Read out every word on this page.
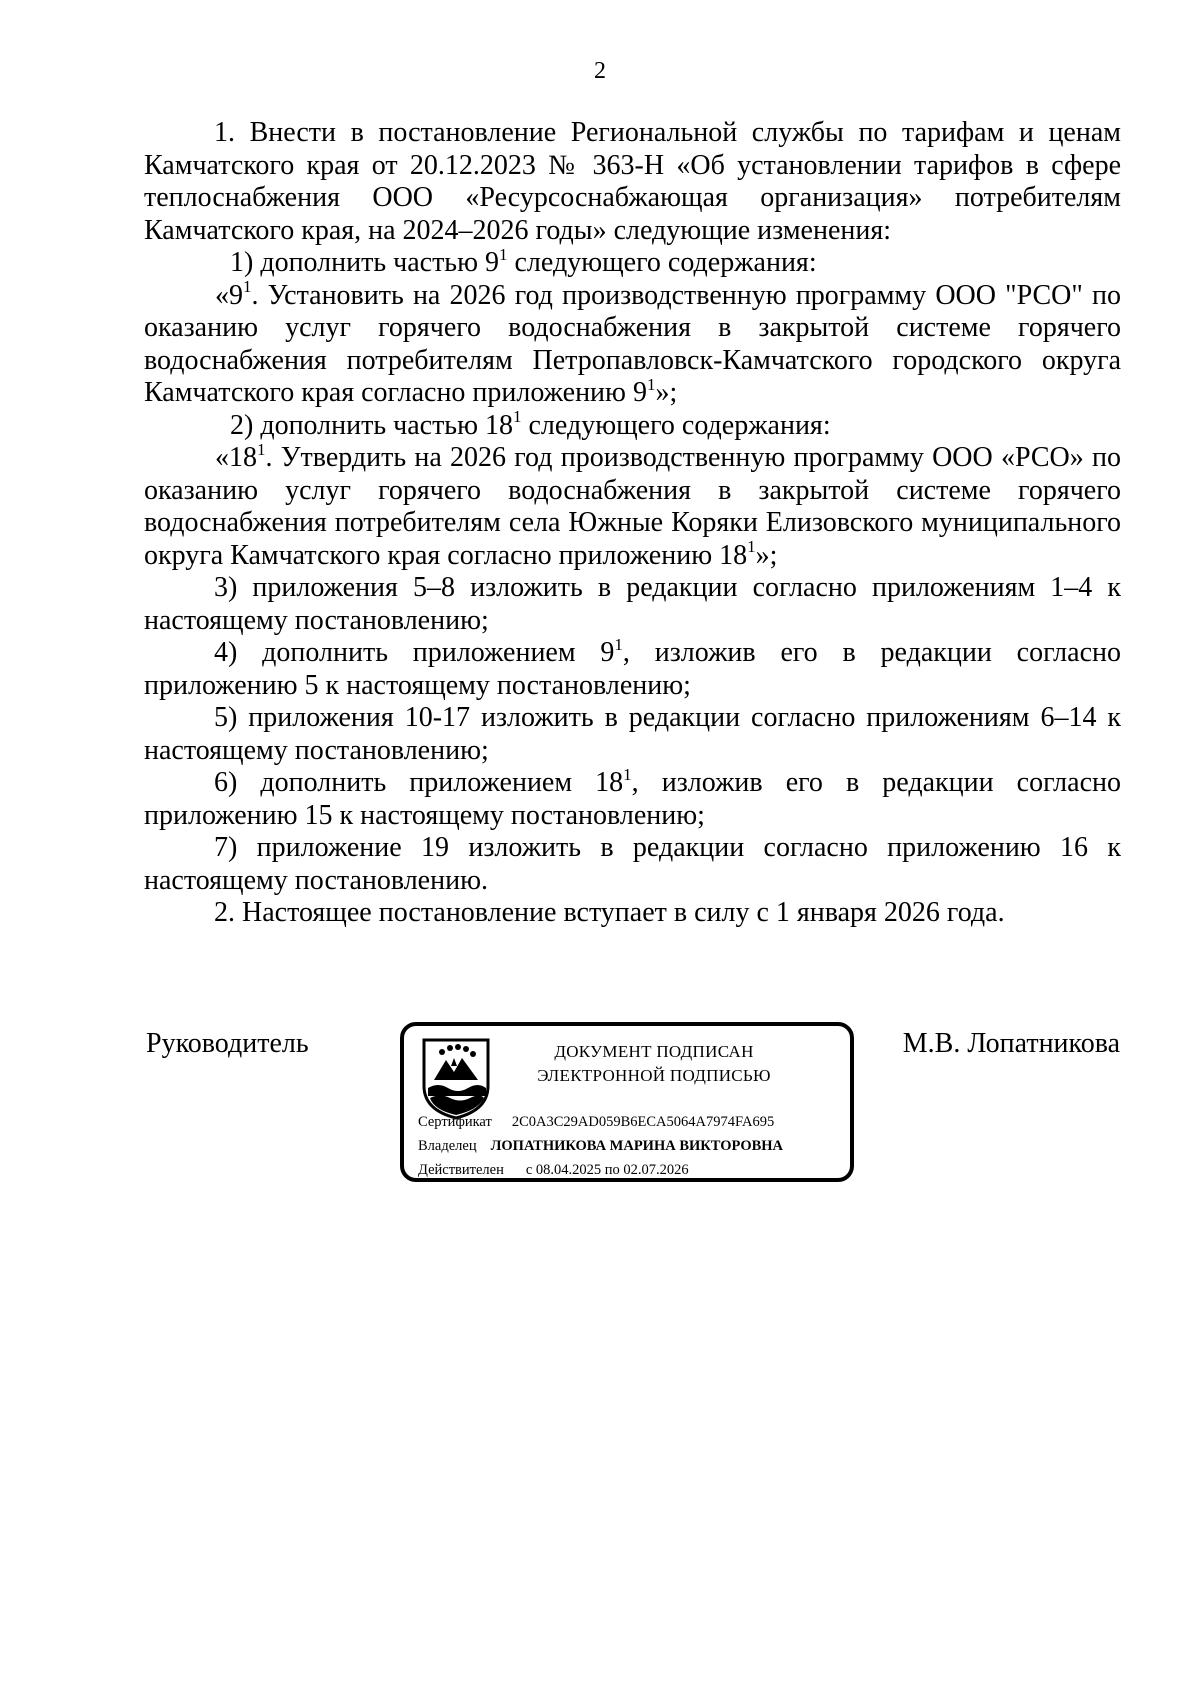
2

1. Внести в постановление Региональной службы по тарифам и ценам Камчатского края от 20.12.2023 № 363-Н «Об установлении тарифов в сфере теплоснабжения ООО «Ресурсоснабжающая организация» потребителям Камчатского края, на 2024–2026 годы» следующие изменения:

1) дополнить частью $9^1$ следующего содержания:

«$9^1$. Установить на 2026 год производственную программу ООО "РСО" по оказанию услуг горячего водоснабжения в закрытой системе горячего водоснабжения потребителям Петропавловск-Камчатского городского округа Камчатского края согласно приложению $9^1$»;

2) дополнить частью $18^1$ следующего содержания:

«$18^1$. Утвердить на 2026 год производственную программу ООО «РСО» по оказанию услуг горячего водоснабжения в закрытой системе горячего водоснабжения потребителям села Южные Коряки Елизовского муниципального округа Камчатского края согласно приложению $18^1$»;

3) приложения 5–8 изложить в редакции согласно приложениям 1–4 к настоящему постановлению;

4) дополнить приложением $9^1$, изложив его в редакции согласно приложению 5 к настоящему постановлению;

5) приложения 10-17 изложить в редакции согласно приложениям 6–14 к настоящему постановлению;

6) дополнить приложением $18^1$, изложив его в редакции согласно приложению 15 к настоящему постановлению;

7) приложение 19 изложить в редакции согласно приложению 16 к настоящему постановлению.

2. Настоящее постановление вступает в силу с 1 января 2026 года.

Руководитель	М.В. Лопатникова
ДОКУМЕНТ ПОДПИСАН
ЭЛЕКТРОННОЙ ПОДПИСЬЮ
Сертификат 2C0A3C29AD059B6ECA5064A7974FA695
Владелец ЛОПАТНИКОВА МАРИНА ВИКТОРОВНА
Действителен с 08.04.2025 по 02.07.2026
